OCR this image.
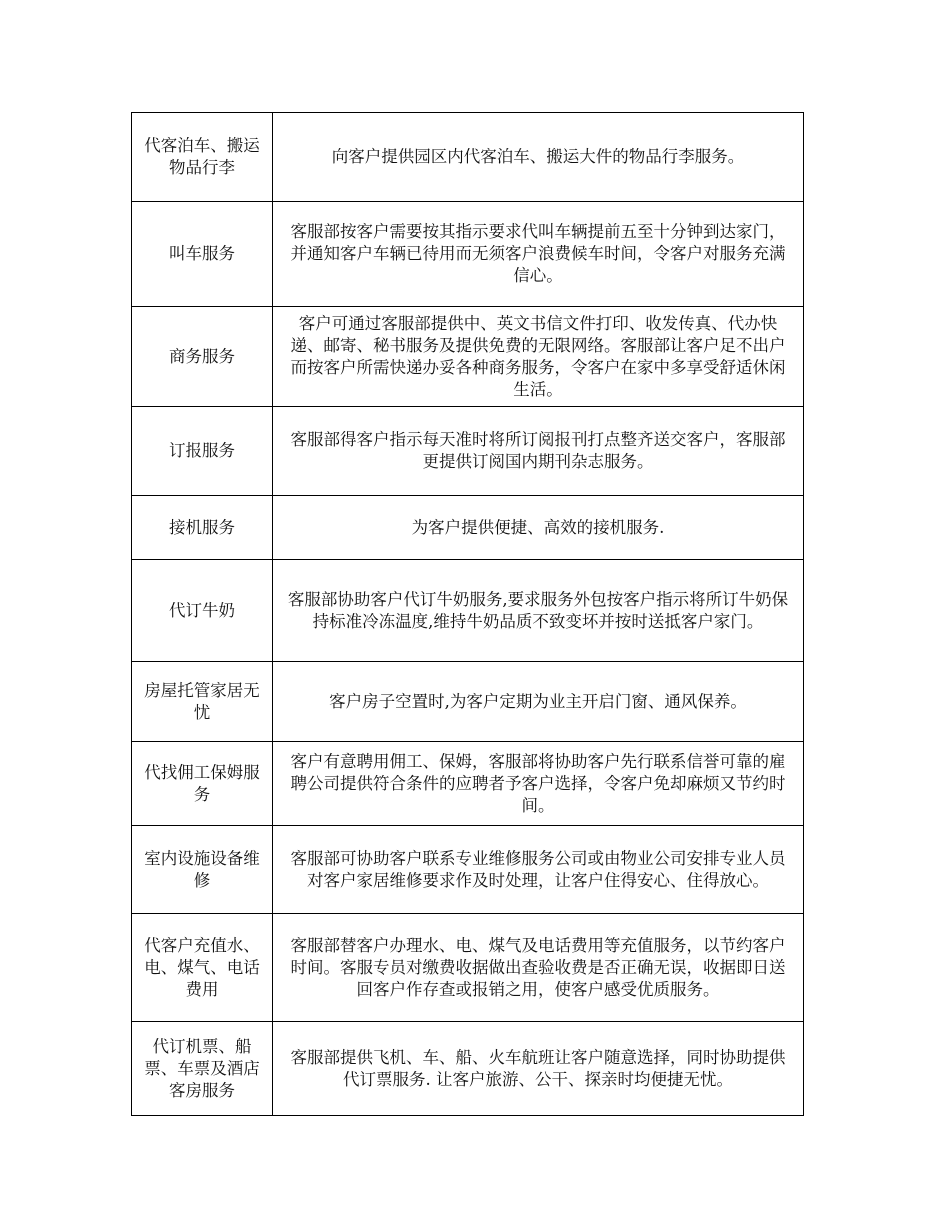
代客泊车、搬运物品行李	向客户提供园区内代客泊车、搬运大件的物品行李服务。
叫车服务	客服部按客户需要按其指示要求代叫车辆提前五至十分钟到达家门，并通知客户车辆已待用而无须客户浪费候车时间，令客户对服务充满信心。
商务服务	客户可通过客服部提供中、英文书信文件打印、收发传真、代办快递、邮寄、秘书服务及提供免费的无限网络。客服部让客户足不出户而按客户所需快递办妥各种商务服务，令客户在家中多享受舒适休闲生活。
订报服务	客服部得客户指示每天准时将所订阅报刊打点整齐送交客户，客服部更提供订阅国内期刊杂志服务。
接机服务	为客户提供便捷、高效的接机服务.
代订牛奶	客服部协助客户代订牛奶服务,要求服务外包按客户指示将所订牛奶保持标准冷冻温度,维持牛奶品质不致变坏并按时送抵客户家门。
房屋托管家居无忧	客户房子空置时,为客户定期为业主开启门窗、通风保养。
代找佣工保姆服务	客户有意聘用佣工、保姆，客服部将协助客户先行联系信誉可靠的雇聘公司提供符合条件的应聘者予客户选择，令客户免却麻烦又节约时间。
室内设施设备维修	客服部可协助客户联系专业维修服务公司或由物业公司安排专业人员对客户家居维修要求作及时处理，让客户住得安心、住得放心。
代客户充值水、电、煤气、电话费用	客服部替客户办理水、电、煤气及电话费用等充值服务，以节约客户时间。客服专员对缴费收据做出查验收费是否正确无误，收据即日送回客户作存查或报销之用，使客户感受优质服务。
代订机票、船票、车票及酒店客房服务	客服部提供飞机、车、船、火车航班让客户随意选择，同时协助提供代订票服务. 让客户旅游、公干、探亲时均便捷无忧。
